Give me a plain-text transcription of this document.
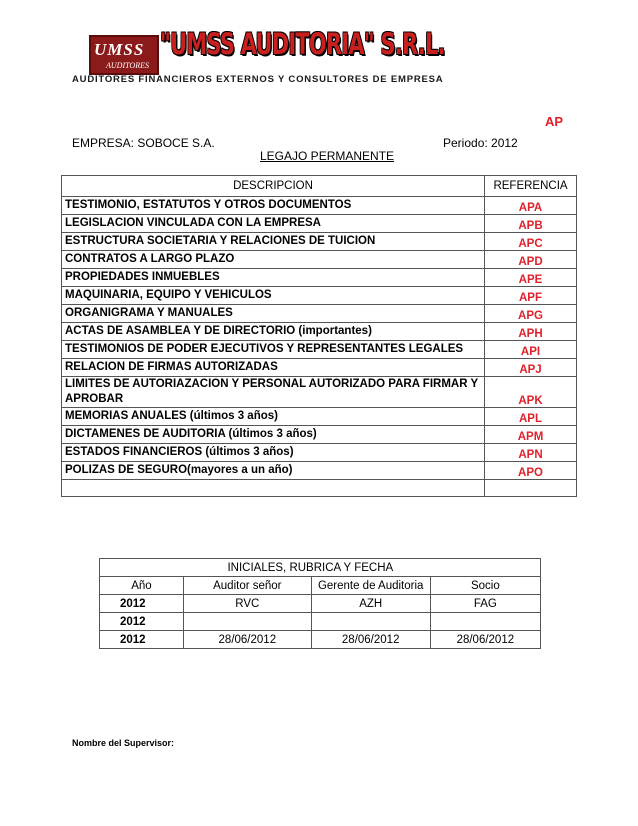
UMSS
AUDITORES
"UMSS AUDITORIA" S.R.L.
AUDITORES FINANCIEROS EXTERNOS Y CONSULTORES DE EMPRESA
AP
EMPRESA: SOBOCE S.A.	Periodo: 2012
LEGAJO PERMANENTE
DESCRIPCION	REFERENCIA
TESTIMONIO, ESTATUTOS Y OTROS DOCUMENTOS	APA
LEGISLACION VINCULADA CON LA EMPRESA	APB
ESTRUCTURA SOCIETARIA Y RELACIONES DE TUICION	APC
CONTRATOS A LARGO PLAZO	APD
PROPIEDADES INMUEBLES	APE
MAQUINARIA, EQUIPO Y VEHICULOS	APF
ORGANIGRAMA Y MANUALES	APG
ACTAS DE ASAMBLEA Y DE DIRECTORIO (importantes)	APH
TESTIMONIOS DE PODER EJECUTIVOS Y REPRESENTANTES LEGALES	API
RELACION DE FIRMAS AUTORIZADAS	APJ
LIMITES DE AUTORIAZACION Y PERSONAL AUTORIZADO PARA FIRMAR Y APROBAR	APK
MEMORIAS ANUALES (últimos 3 años)	APL
DICTAMENES DE AUDITORIA (últimos 3 años)	APM
ESTADOS FINANCIEROS (últimos 3 años)	APN
POLIZAS DE SEGURO(mayores a un año)	APO

	INICIALES, RUBRICA Y FECHA		
Año	Auditor señor	Gerente de Auditoria	Socio
2012	RVC	AZH	FAG
2012			
2012	28/06/2012	28/06/2012	28/06/2012
Nombre del Supervisor:
